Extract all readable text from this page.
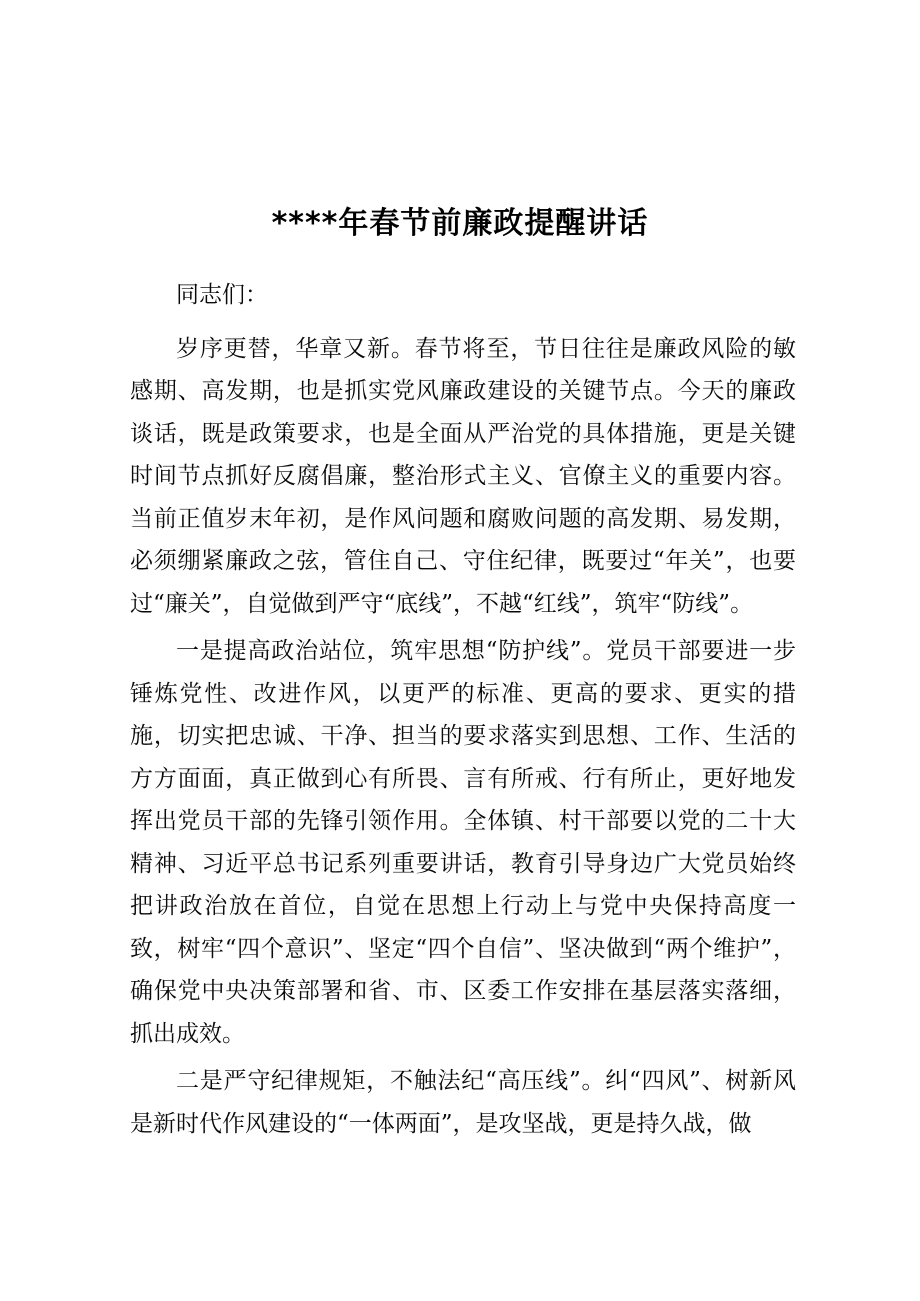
****年春节前廉政提醒讲话

同志们：

岁序更替，华章又新。春节将至，节日往往是廉政风险的敏感期、高发期，也是抓实党风廉政建设的关键节点。今天的廉政谈话，既是政策要求，也是全面从严治党的具体措施，更是关键时间节点抓好反腐倡廉，整治形式主义、官僚主义的重要内容。当前正值岁末年初，是作风问题和腐败问题的高发期、易发期，必须绷紧廉政之弦，管住自己、守住纪律，既要过“年关”，也要过“廉关”，自觉做到严守“底线”，不越“红线”，筑牢“防线”。

一是提高政治站位，筑牢思想“防护线”。党员干部要进一步锤炼党性、改进作风，以更严的标准、更高的要求、更实的措施，切实把忠诚、干净、担当的要求落实到思想、工作、生活的方方面面，真正做到心有所畏、言有所戒、行有所止，更好地发挥出党员干部的先锋引领作用。全体镇、村干部要以党的二十大精神、习近平总书记系列重要讲话，教育引导身边广大党员始终把讲政治放在首位，自觉在思想上行动上与党中央保持高度一致，树牢“四个意识”、坚定“四个自信”、坚决做到“两个维护”，确保党中央决策部署和省、市、区委工作安排在基层落实落细，抓出成效。

二是严守纪律规矩，不触法纪“高压线”。纠“四风”、树新风是新时代作风建设的“一体两面”，是攻坚战，更是持久战，做
